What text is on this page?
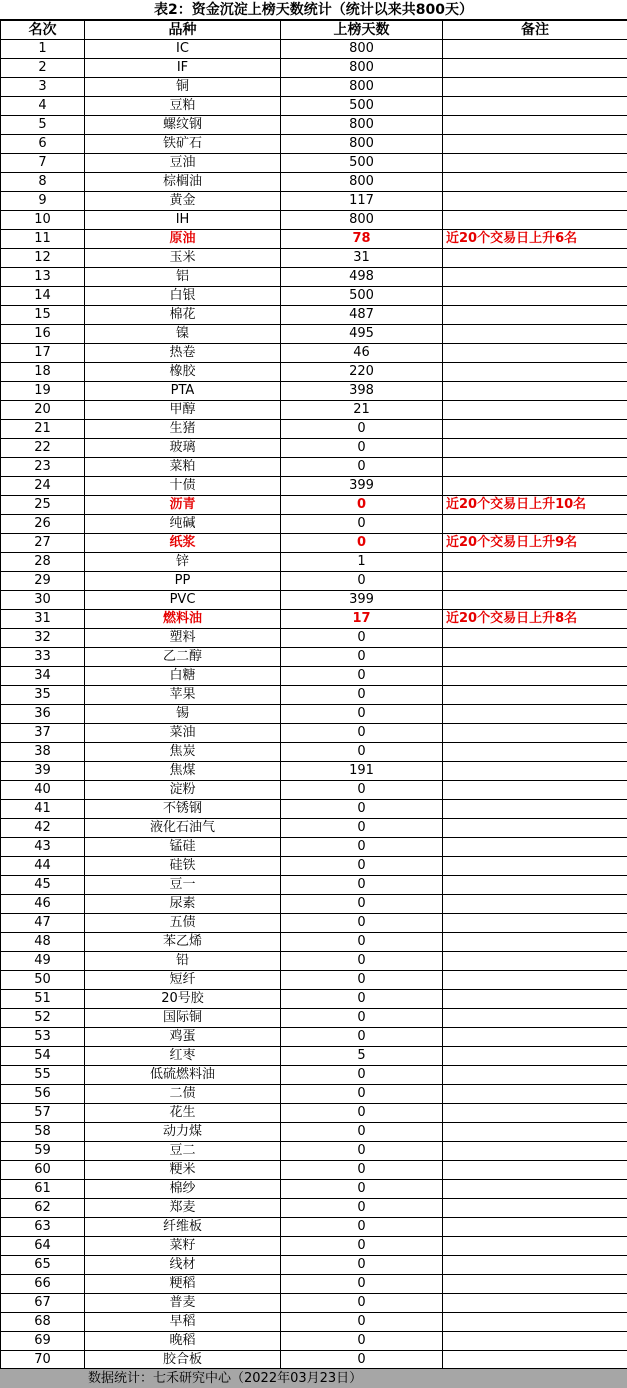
表2：资金沉淀上榜天数统计（统计以来共800天）
名次	品种	上榜天数	备注
1	IC	800	
2	IF	800	
3	铜	800	
4	豆粕	500	
5	螺纹钢	800	
6	铁矿石	800	
7	豆油	500	
8	棕榈油	800	
9	黄金	117	
10	IH	800	
11	原油	78	近20个交易日上升6名
12	玉米	31	
13	铝	498	
14	白银	500	
15	棉花	487	
16	镍	495	
17	热卷	46	
18	橡胶	220	
19	PTA	398	
20	甲醇	21	
21	生猪	0	
22	玻璃	0	
23	菜粕	0	
24	十债	399	
25	沥青	0	近20个交易日上升10名
26	纯碱	0	
27	纸浆	0	近20个交易日上升9名
28	锌	1	
29	PP	0	
30	PVC	399	
31	燃料油	17	近20个交易日上升8名
32	塑料	0	
33	乙二醇	0	
34	白糖	0	
35	苹果	0	
36	锡	0	
37	菜油	0	
38	焦炭	0	
39	焦煤	191	
40	淀粉	0	
41	不锈钢	0	
42	液化石油气	0	
43	锰硅	0	
44	硅铁	0	
45	豆一	0	
46	尿素	0	
47	五债	0	
48	苯乙烯	0	
49	铅	0	
50	短纤	0	
51	20号胶	0	
52	国际铜	0	
53	鸡蛋	0	
54	红枣	5	
55	低硫燃料油	0	
56	二债	0	
57	花生	0	
58	动力煤	0	
59	豆二	0	
60	粳米	0	
61	棉纱	0	
62	郑麦	0	
63	纤维板	0	
64	菜籽	0	
65	线材	0	
66	粳稻	0	
67	普麦	0	
68	早稻	0	
69	晚稻	0	
70	胶合板	0	
数据统计：七禾研究中心（2022年03月23日）
